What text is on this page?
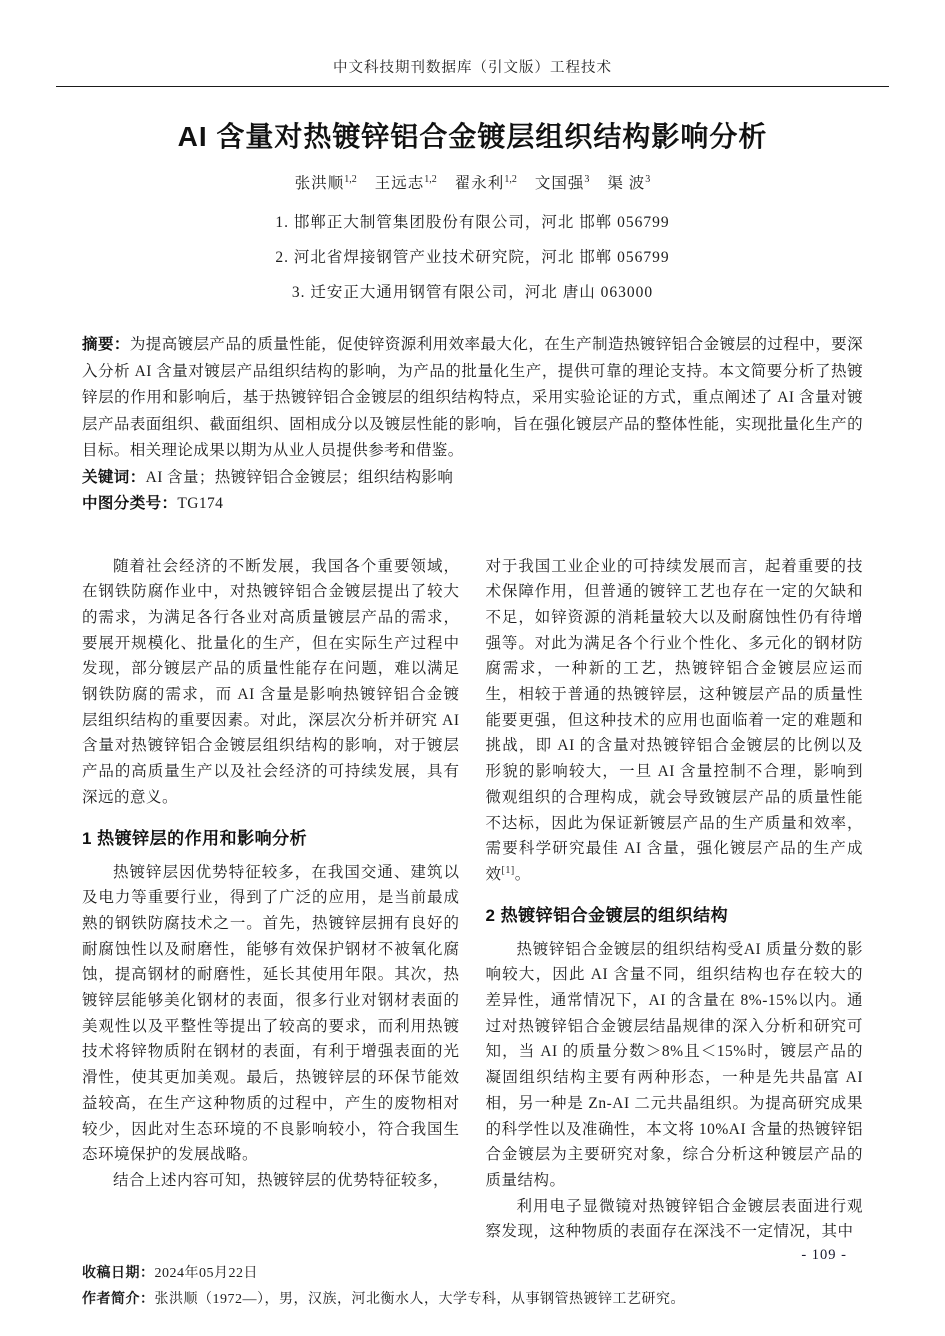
中文科技期刊数据库（引文版）工程技术
AI 含量对热镀锌铝合金镀层组织结构影响分析
张洪顺$^{1,2}$ 王远志$^{1,2}$ 翟永利$^{1,2}$ 文国强$^3$ 渠 波$^3$
1. 邯郸正大制管集团股份有限公司，河北 邯郸 056799
2. 河北省焊接钢管产业技术研究院，河北 邯郸 056799
3. 迁安正大通用钢管有限公司，河北 唐山 063000
摘要：为提高镀层产品的质量性能，促使锌资源利用效率最大化，在生产制造热镀锌铝合金镀层的过程中，要深入分析 AI 含量对镀层产品组织结构的影响，为产品的批量化生产，提供可靠的理论支持。本文简要分析了热镀锌层的作用和影响后，基于热镀锌铝合金镀层的组织结构特点，采用实验论证的方式，重点阐述了 AI 含量对镀层产品表面组织、截面组织、固相成分以及镀层性能的影响，旨在强化镀层产品的整体性能，实现批量化生产的目标。相关理论成果以期为从业人员提供参考和借鉴。
关键词：AI 含量；热镀锌铝合金镀层；组织结构影响
中图分类号：TG174

随着社会经济的不断发展，我国各个重要领域，在钢铁防腐作业中，对热镀锌铝合金镀层提出了较大的需求，为满足各行各业对高质量镀层产品的需求，要展开规模化、批量化的生产，但在实际生产过程中发现，部分镀层产品的质量性能存在问题，难以满足钢铁防腐的需求，而 AI 含量是影响热镀锌铝合金镀层组织结构的重要因素。对此，深层次分析并研究 AI 含量对热镀锌铝合金镀层组织结构的影响，对于镀层产品的高质量生产以及社会经济的可持续发展，具有深远的意义。

1 热镀锌层的作用和影响分析

热镀锌层因优势特征较多，在我国交通、建筑以及电力等重要行业，得到了广泛的应用，是当前最成熟的钢铁防腐技术之一。首先，热镀锌层拥有良好的耐腐蚀性以及耐磨性，能够有效保护钢材不被氧化腐蚀，提高钢材的耐磨性，延长其使用年限。其次，热镀锌层能够美化钢材的表面，很多行业对钢材表面的美观性以及平整性等提出了较高的要求，而利用热镀技术将锌物质附在钢材的表面，有利于增强表面的光滑性，使其更加美观。最后，热镀锌层的环保节能效益较高，在生产这种物质的过程中，产生的废物相对较少，因此对生态环境的不良影响较小，符合我国生态环境保护的发展战略。

结合上述内容可知，热镀锌层的优势特征较多，

对于我国工业企业的可持续发展而言，起着重要的技术保障作用，但普通的镀锌工艺也存在一定的欠缺和不足，如锌资源的消耗量较大以及耐腐蚀性仍有待增强等。对此为满足各个行业个性化、多元化的钢材防腐需求，一种新的工艺，热镀锌铝合金镀层应运而生，相较于普通的热镀锌层，这种镀层产品的质量性能要更强，但这种技术的应用也面临着一定的难题和挑战，即 AI 的含量对热镀锌铝合金镀层的比例以及形貌的影响较大，一旦 AI 含量控制不合理，影响到微观组织的合理构成，就会导致镀层产品的质量性能不达标，因此为保证新镀层产品的生产质量和效率，需要科学研究最佳 AI 含量，强化镀层产品的生产成效[1]。

2 热镀锌铝合金镀层的组织结构

热镀锌铝合金镀层的组织结构受AI 质量分数的影响较大，因此 AI 含量不同，组织结构也存在较大的差异性，通常情况下，AI 的含量在 8%-15%以内。通过对热镀锌铝合金镀层结晶规律的深入分析和研究可知，当 AI 的质量分数＞8%且＜15%时，镀层产品的凝固组织结构主要有两种形态，一种是先共晶富 AI 相，另一种是 Zn-AI 二元共晶组织。为提高研究成果的科学性以及准确性，本文将 10%AI 含量的热镀锌铝合金镀层为主要研究对象，综合分析这种镀层产品的质量结构。

利用电子显微镜对热镀锌铝合金镀层表面进行观察发现，这种物质的表面存在深浅不一定情况，其中

收稿日期：2024年05月22日
作者简介：张洪顺（1972—），男，汉族，河北衡水人，大学专科，从事钢管热镀锌工艺研究。
- 109 -
